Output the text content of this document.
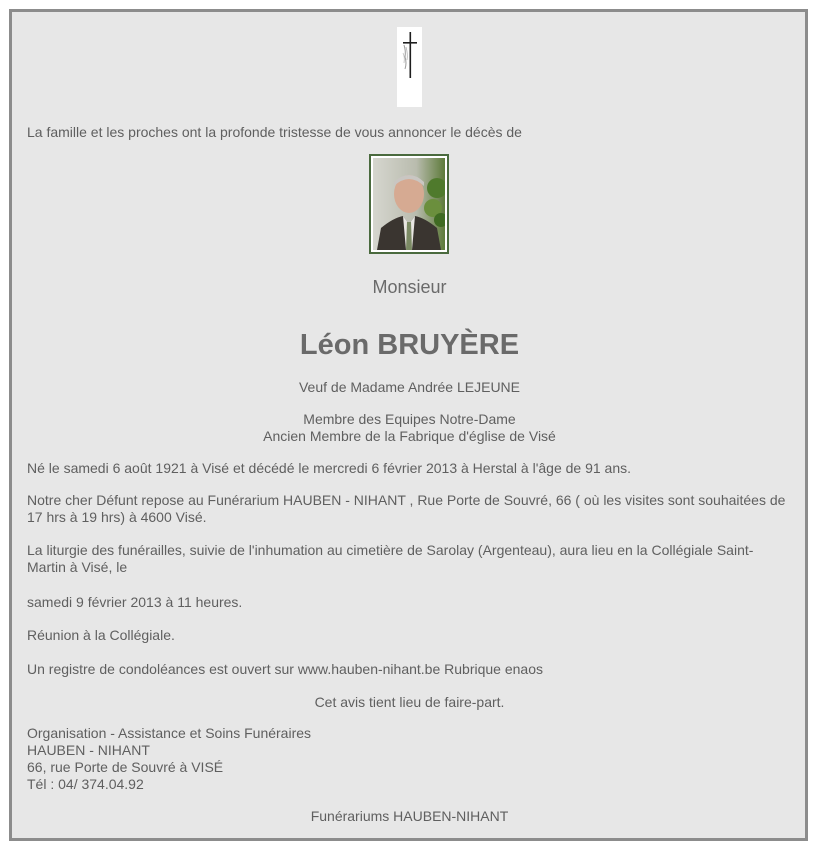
La famille et les proches ont la profonde tristesse de vous annoncer le décès de
Monsieur
Léon BRUYÈRE
Veuf de Madame Andrée LEJEUNE
Membre des Equipes Notre-Dame
Ancien Membre de la Fabrique d'église de Visé
Né le samedi 6 août 1921 à Visé et décédé le mercredi 6 février 2013 à Herstal à l'âge de 91 ans.
Notre cher Défunt repose au Funérarium HAUBEN - NIHANT , Rue Porte de Souvré, 66 ( où les visites sont souhaitées de 17 hrs à 19 hrs) à 4600 Visé.
La liturgie des funérailles, suivie de l'inhumation au cimetière de Sarolay (Argenteau), aura lieu en la Collégiale Saint-Martin à Visé, le
samedi 9 février 2013 à 11 heures.
Réunion à la Collégiale.
Un registre de condoléances est ouvert sur www.hauben-nihant.be Rubrique enaos
Cet avis tient lieu de faire-part.
Organisation - Assistance et Soins Funéraires
HAUBEN - NIHANT
66, rue Porte de Souvré à VISÉ
Tél : 04/ 374.04.92
Funérariums HAUBEN-NIHANT
